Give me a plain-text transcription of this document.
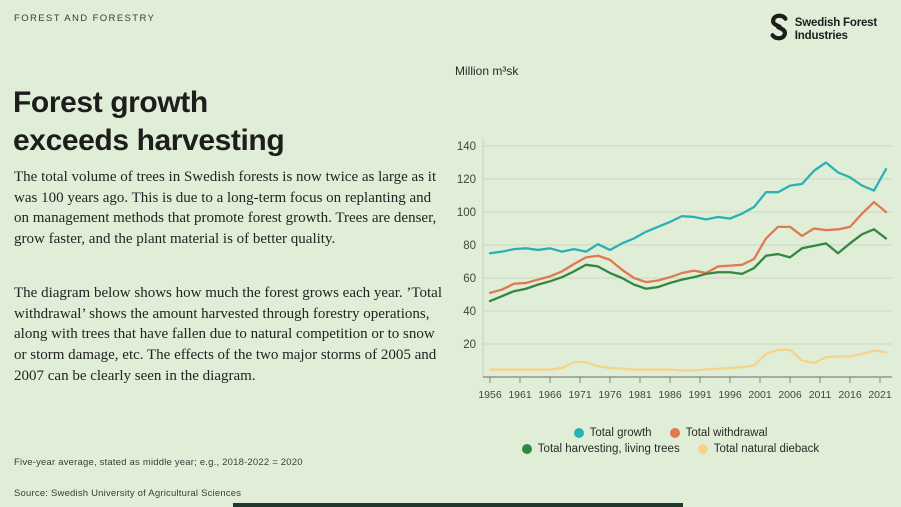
FOREST AND FORESTRY	Swedish Forest
Industries
Forest growth
exceeds harvesting

The total volume of trees in Swedish forests is now twice as large as it was 100 years ago. This is due to a long-term focus on replanting and on management methods that promote forest growth. Trees are denser, grow faster, and the plant material is of better quality.

The diagram below shows how much the forest grows each year. ’Total withdrawal’ shows the amount harvested through forestry operations, along with trees that have fallen due to natural competition or to snow or storm damage, etc. The effects of the two major storms of 2005 and 2007 can be clearly seen in the diagram.

Five-year average, stated as middle year; e.g., 2018-2022 = 2020
Source: Swedish University of Agricultural Sciences
Million m³sk
20
40
60
80
100
120
140
1956 1961 1966 1971 1976 1981 1986 1991 1996 2001 2006 2011 2016 2021
Total growth	Total withdrawal
Total harvesting, living trees	Total natural dieback
